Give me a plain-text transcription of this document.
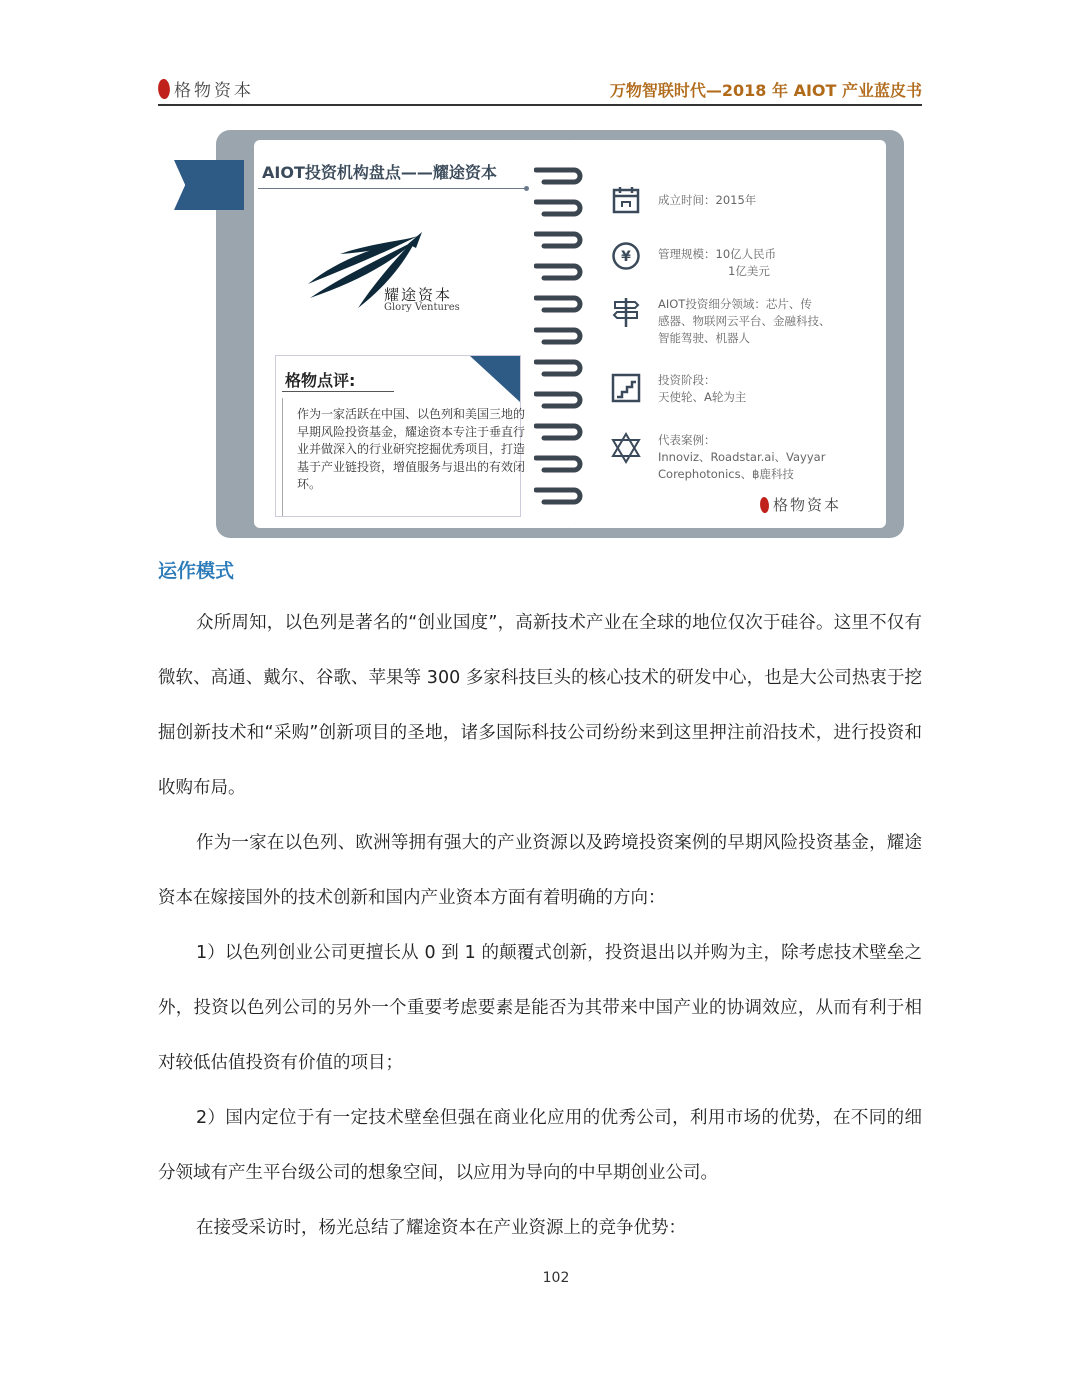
格物资本	万物智联时代—2018 年 AIOT 产业蓝皮书
AIOT投资机构盘点——耀途资本
耀途资本
Glory Ventures
格物点评:
作为一家活跃在中国、以色列和美国三地的早期风险投资基金，耀途资本专注于垂直行业并做深入的行业研究挖掘优秀项目，打造基于产业链投资，增值服务与退出的有效闭环。
成立时间：2015年
¥ 管理规模：10亿人民币
1亿美元
AIOT投资细分领域：芯片、传
感器、物联网云平台、金融科技、
智能驾驶、机器人
投资阶段：
天使轮、A轮为主
代表案例：
Innoviz、Roadstar.ai、Vayyar
Corephotonics、฿鹿科技
格物资本
运作模式
众所周知，以色列是著名的“创业国度”，高新技术产业在全球的地位仅次于硅谷。这里不仅有微软、高通、戴尔、谷歌、苹果等 300 多家科技巨头的核心技术的研发中心，也是大公司热衷于挖掘创新技术和“采购”创新项目的圣地，诸多国际科技公司纷纷来到这里押注前沿技术，进行投资和收购布局。
作为一家在以色列、欧洲等拥有强大的产业资源以及跨境投资案例的早期风险投资基金，耀途资本在嫁接国外的技术创新和国内产业资本方面有着明确的方向：
1）以色列创业公司更擅长从 0 到 1 的颠覆式创新，投资退出以并购为主，除考虑技术壁垒之外，投资以色列公司的另外一个重要考虑要素是能否为其带来中国产业的协调效应，从而有利于相对较低估值投资有价值的项目；
2）国内定位于有一定技术壁垒但强在商业化应用的优秀公司，利用市场的优势，在不同的细分领域有产生平台级公司的想象空间，以应用为导向的中早期创业公司。
在接受采访时，杨光总结了耀途资本在产业资源上的竞争优势：
102
